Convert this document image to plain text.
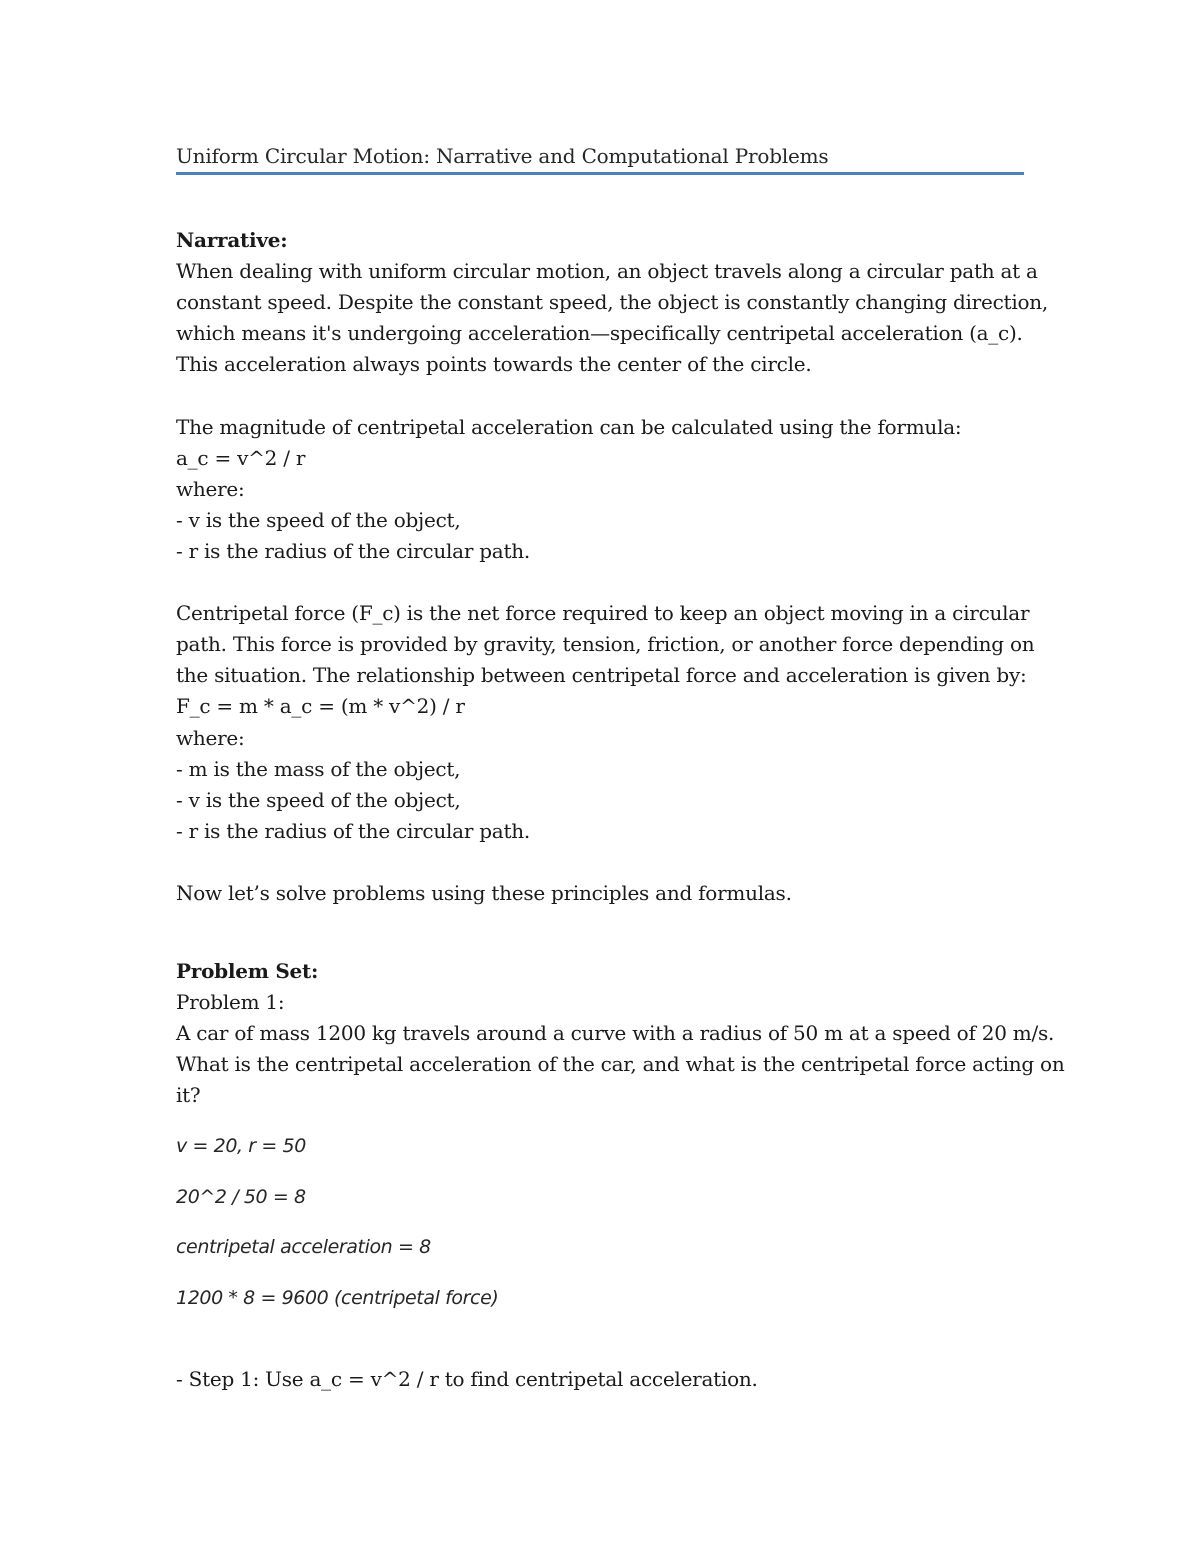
Uniform Circular Motion: Narrative and Computational Problems
Narrative:
When dealing with uniform circular motion, an object travels along a circular path at a
constant speed. Despite the constant speed, the object is constantly changing direction,
which means it's undergoing acceleration—specifically centripetal acceleration (a_c).
This acceleration always points towards the center of the circle.
The magnitude of centripetal acceleration can be calculated using the formula:
a_c = v^2 / r
where:
- v is the speed of the object,
- r is the radius of the circular path.
Centripetal force (F_c) is the net force required to keep an object moving in a circular
path. This force is provided by gravity, tension, friction, or another force depending on
the situation. The relationship between centripetal force and acceleration is given by:
F_c = m * a_c = (m * v^2) / r
where:
- m is the mass of the object,
- v is the speed of the object,
- r is the radius of the circular path.
Now let’s solve problems using these principles and formulas.
Problem Set:
Problem 1:
A car of mass 1200 kg travels around a curve with a radius of 50 m at a speed of 20 m/s.
What is the centripetal acceleration of the car, and what is the centripetal force acting on
it?
v = 20, r = 50
20^2 / 50 = 8
centripetal acceleration = 8
1200 * 8 = 9600 (centripetal force)
- Step 1: Use a_c = v^2 / r to find centripetal acceleration.
